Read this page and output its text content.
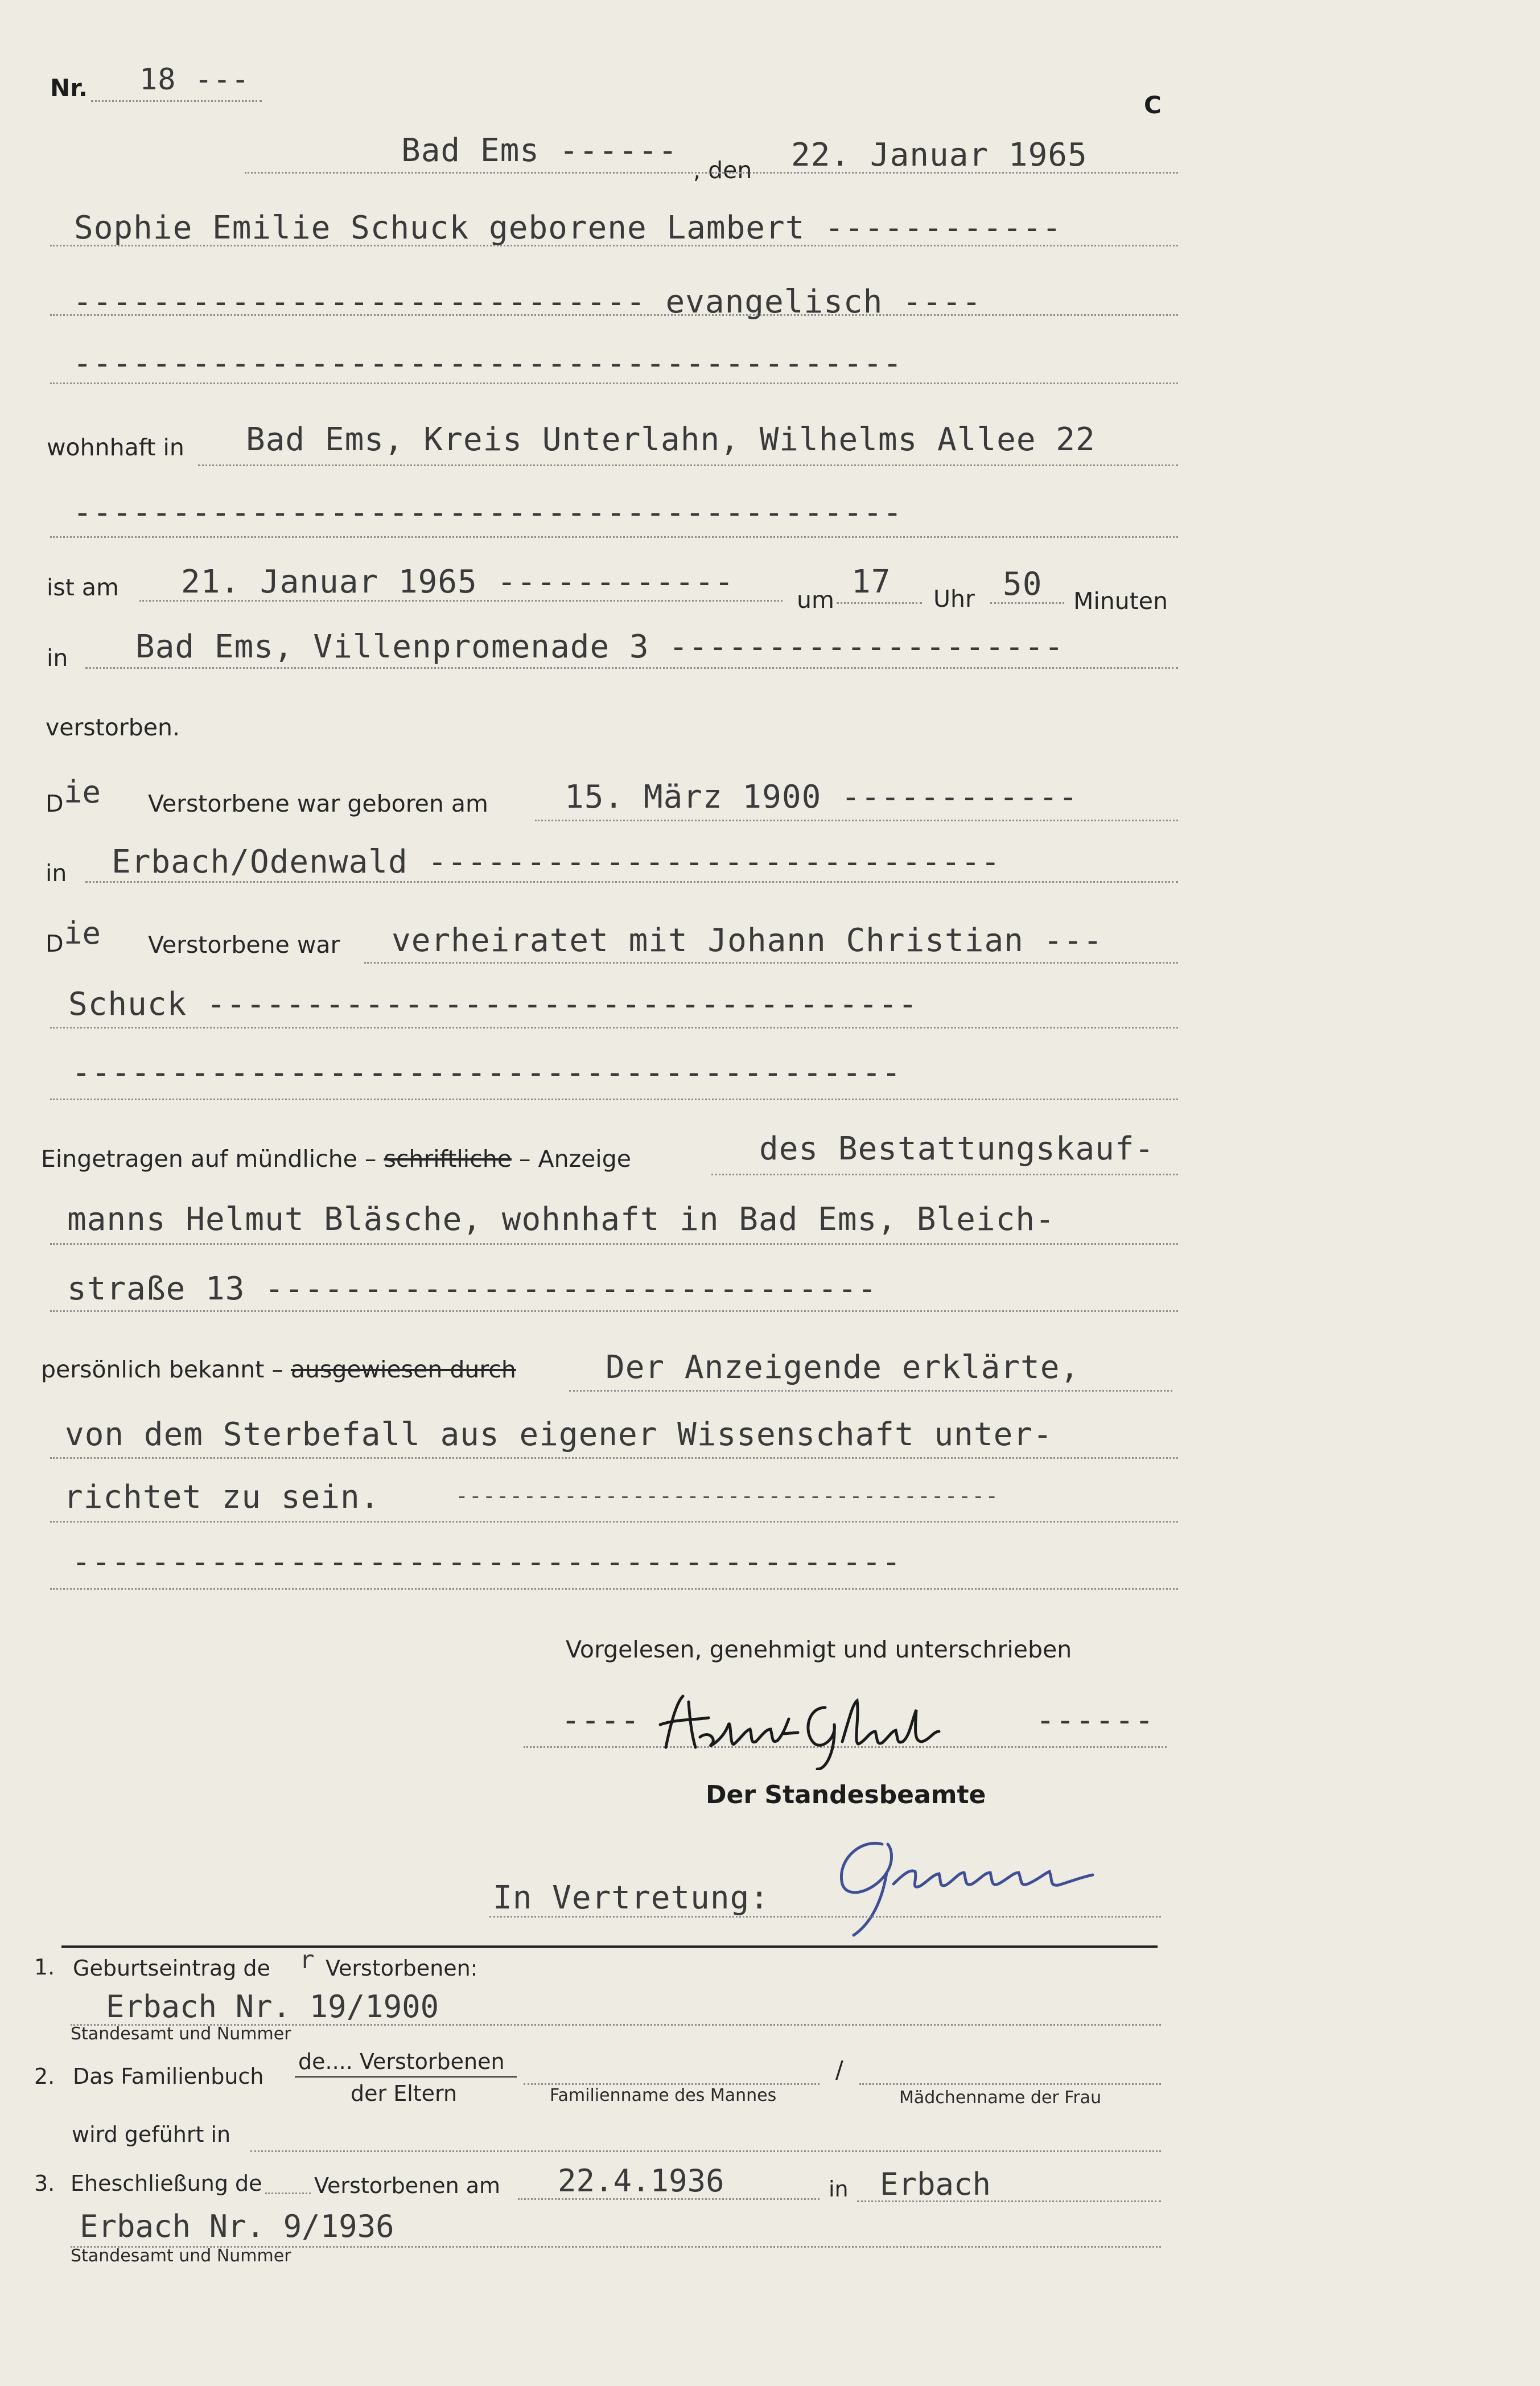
Nr. 18 ---
C
Bad Ems ------
, den 22. Januar 1965
Sophie Emilie Schuck geborene Lambert ------------
----------------------------- evangelisch ----
------------------------------------------
wohnhaft in Bad Ems, Kreis Unterlahn, Wilhelms Allee 22
------------------------------------------
ist am 21. Januar 1965 ------------	um 17 Uhr 50 Minuten
in Bad Ems, Villenpromenade 3 --------------------
verstorben.
D ie Verstorbene war geboren am 15. März 1900 ------------
in Erbach/Odenwald -----------------------------
D ie Verstorbene war verheiratet mit Johann Christian ---
Schuck ------------------------------------
------------------------------------------
Eingetragen auf mündliche – schriftliche – Anzeige	des Bestattungskauf-
manns Helmut Bläsche, wohnhaft in Bad Ems, Bleich-
straße 13 -------------------------------
persönlich bekannt – ausgewiesen durch	Der Anzeigende erklärte,
von dem Sterbefall aus eigener Wissenschaft unter-
richtet zu sein.	----------------------------------------
------------------------------------------
Vorgelesen, genehmigt und unterschrieben
----	------
Der Standesbeamte
In Vertretung:
1. Geburtseintrag de r Verstorbenen:
Erbach Nr. 19/1900
Standesamt und Nummer
2. Das Familienbuch
de.... Verstorbenen
der Eltern	Familienname des Mannes
/
Mädchenname der Frau
wird geführt in
3. Eheschließung de Verstorbenen am 22.4.1936	in Erbach
Erbach Nr. 9/1936
Standesamt und Nummer
